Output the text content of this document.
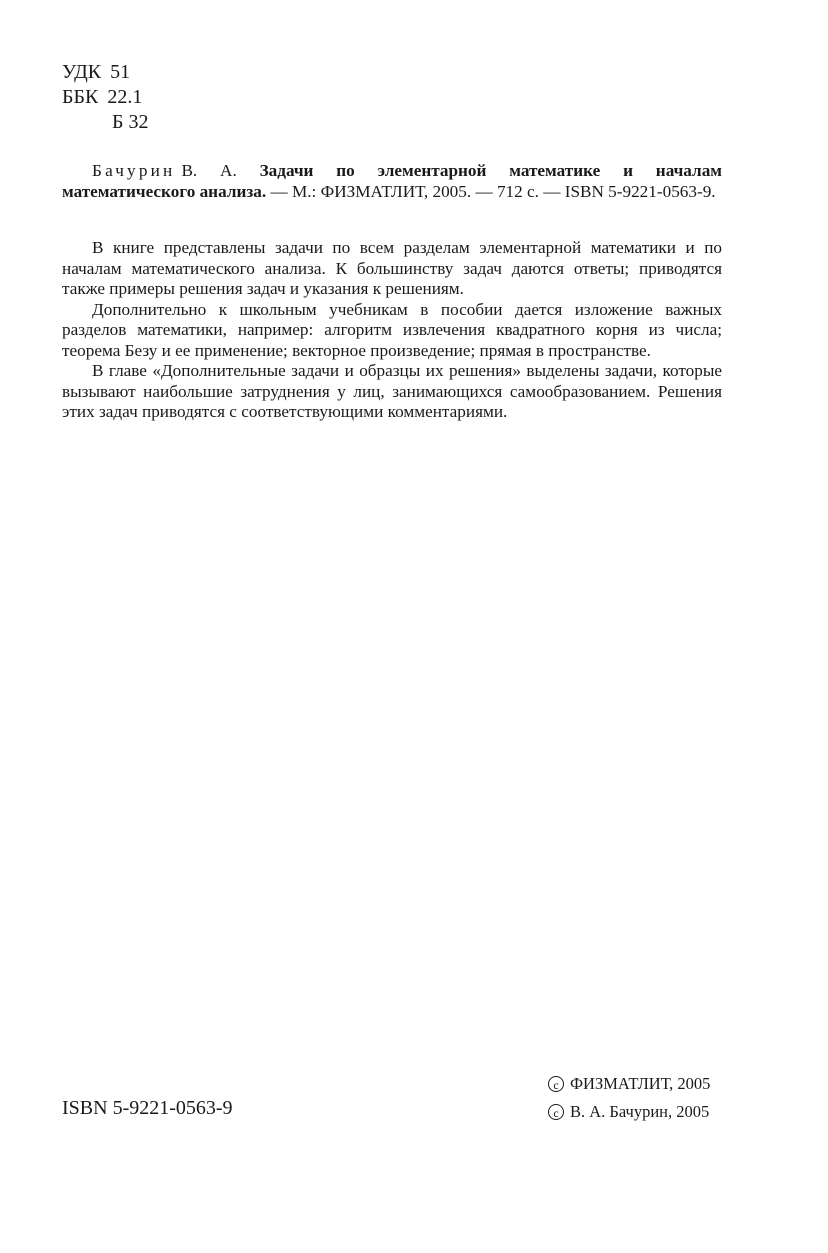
УДК 51
ББК 22.1
Б 32

Бачурин В. А. Задачи по элементарной математике и началам математического анализа. — М.: ФИЗМАТЛИТ, 2005. — 712 с. — ISBN 5-9221-0563-9.

В книге представлены задачи по всем разделам элементарной математики и по началам математического анализа. К большинству задач даются ответы; приводятся также примеры решения задач и указания к решениям.

Дополнительно к школьным учебникам в пособии дается изложение важных разделов математики, например: алгоритм извлечения квадратного корня из числа; теорема Безу и ее применение; векторное произведение; прямая в пространстве.

В главе «Дополнительные задачи и образцы их решения» выделены задачи, которые вызывают наибольшие затруднения у лиц, занимающихся самообразованием. Решения этих задач приводятся с соответствующими комментариями.

ISBN 5-9221-0563-9
c ФИЗМАТЛИТ, 2005
c В. А. Бачурин, 2005
